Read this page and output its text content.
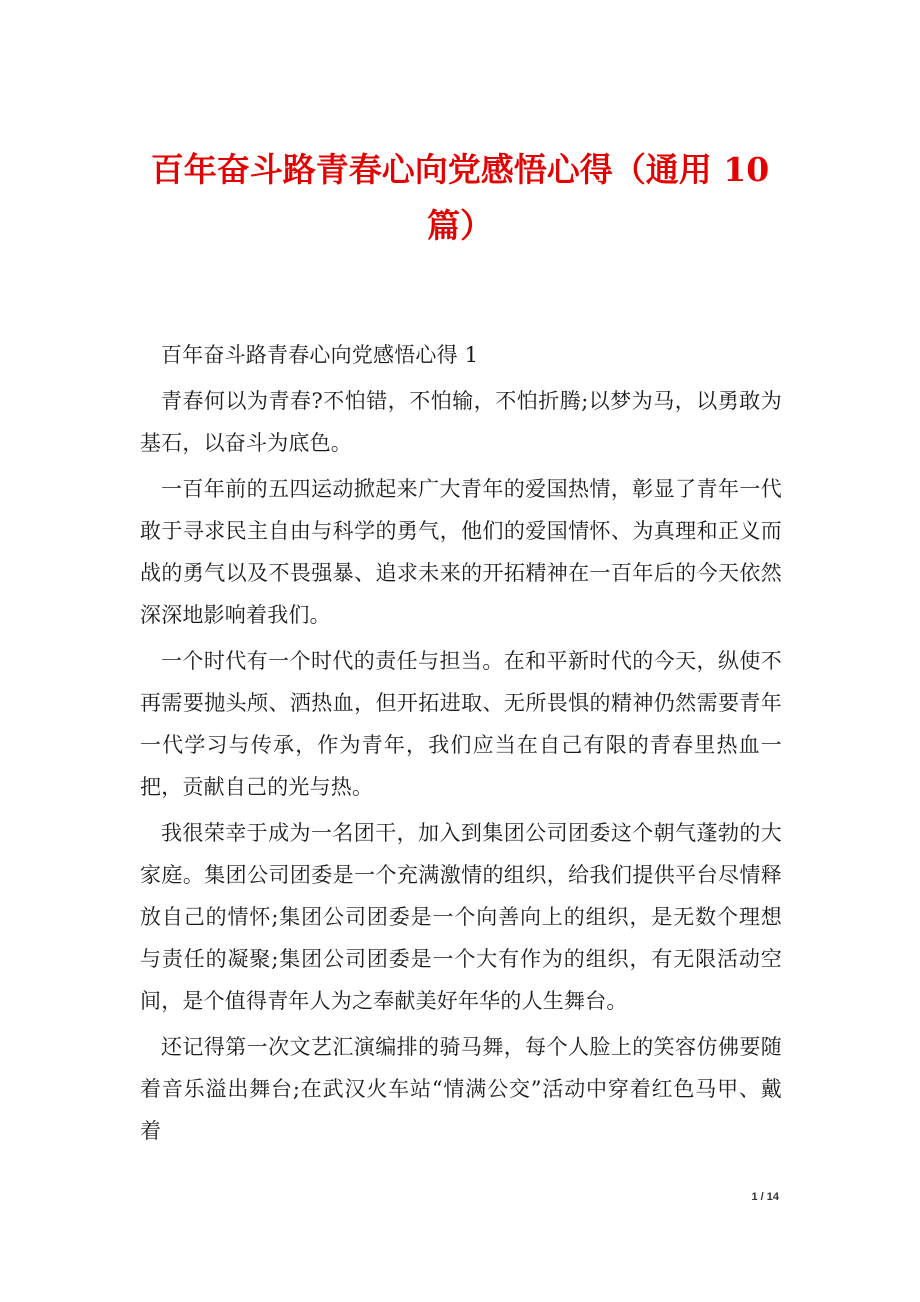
百年奋斗路青春心向党感悟心得（通用 10
篇）

百年奋斗路青春心向党感悟心得 1

青春何以为青春?不怕错，不怕输，不怕折腾;以梦为马，以勇敢为基石，以奋斗为底色。

一百年前的五四运动掀起来广大青年的爱国热情，彰显了青年一代敢于寻求民主自由与科学的勇气，他们的爱国情怀、为真理和正义而战的勇气以及不畏强暴、追求未来的开拓精神在一百年后的今天依然深深地影响着我们。

一个时代有一个时代的责任与担当。在和平新时代的今天，纵使不再需要抛头颅、洒热血，但开拓进取、无所畏惧的精神仍然需要青年一代学习与传承，作为青年，我们应当在自己有限的青春里热血一把，贡献自己的光与热。

我很荣幸于成为一名团干，加入到集团公司团委这个朝气蓬勃的大家庭。集团公司团委是一个充满激情的组织，给我们提供平台尽情释放自己的情怀;集团公司团委是一个向善向上的组织，是无数个理想与责任的凝聚;集团公司团委是一个大有作为的组织，有无限活动空间，是个值得青年人为之奉献美好年华的人生舞台。

还记得第一次文艺汇演编排的骑马舞，每个人脸上的笑容仿佛要随着音乐溢出舞台;在武汉火车站“情满公交”活动中穿着红色马甲、戴着

1 / 14
